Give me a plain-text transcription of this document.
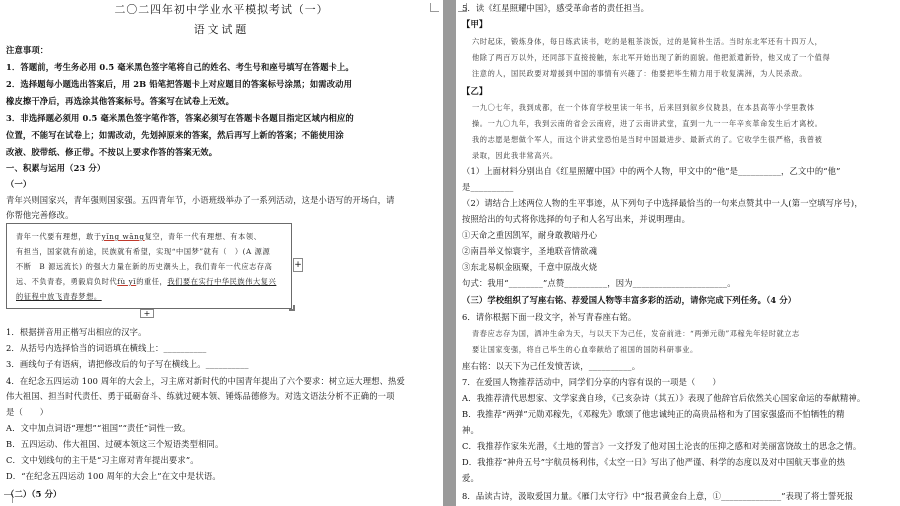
二〇二四年初中学业水平模拟考试（一）
语文试题
注意事项：
1．答题前，考生务必用 0.5 毫米黑色签字笔将自己的姓名、考生号和座号填写在答题卡上。
2．选择题每小题选出答案后，用 2B 铅笔把答题卡上对应题目的答案标号涂黑；如需改动用
橡皮擦干净后，再选涂其他答案标号。答案写在试卷上无效。
3．非选择题必须用 0.5 毫米黑色签字笔作答，答案必须写在答题卡各题目指定区域内相应的
位置，不能写在试卷上；如需改动，先划掉原来的答案，然后再写上新的答案；不能使用涂
改液、胶带纸、修正带。不按以上要求作答的答案无效。
一、积累与运用（23 分）
（一）
青年兴则国家兴，青年强则国家强。五四青年节，小语班级举办了一系列活动，这是小语写的开场白，请
你帮他完善修改。
青年一代要有理想，敢于yǐng wāng复空，青年一代有理想、有本领、
有担当，国家就有前途，民族就有希望，实现“中国梦”就有（　）(A 源源
不断　B 源远流长) 的强大力量在新的历史潮头上，我们青年一代应志存高
远、不负青春，勇毅肩负时代fù yǐ的重任，我们要在实行中华民族伟大复兴
的征程中放飞青春梦想。
+
+
1．根据拼音用正楷写出相应的汉字。
2．从括号内选择恰当的词语填在横线上：__________
3．画线句子有语病，请把修改后的句子写在横线上。__________
4．在纪念五四运动 100 周年的大会上，习主席对新时代的中国青年提出了六个要求：树立远大理想、热爱
伟大祖国、担当时代责任、勇于砥砺奋斗、练就过硬本领、锤炼品德修为。对选文语法分析不正确的一项
是（　　）
A．文中加点词语“理想”“祖国”“责任”词性一致。
B．五四运动、伟大祖国、过硬本领这三个短语类型相同。
C．文中划线句的主干是“习主席对青年提出要求”。
D．“在纪念五四运动 100 周年的大会上”在文中是状语。
（二）（5 分）
5．读《红星照耀中国》，感受革命者的责任担当。
【甲】
六时起床，锻炼身体，每日练武读书，吃的是粗茶淡饭，过的是简朴生活。当时东北军还有十四万人，
他除了两百万以外，还同部下直接接触，东北军开始出现了新的面貌。他把派遣新铃，他又成了一个值得
注意的人，国民政要对增援到中国的事情有兴趣了：他要把毕生精力用于收复满洲，为人民杀敌。
【乙】
一九〇七年，我到成都，在一个体育学校里读一年书，后来回到叙乡仪陇县，在本县高等小学里教体
操。一九〇九年，我到云南的省会云南府，进了云南讲武堂，直到一九一一年辛亥革命发生后才离校。
我的志愿是想做个军人，而这个讲武堂恐怕是当时中国最进步、最新式的了。它收学生很严格，我曾被
录取，因此我非常高兴。
（1）上面材料分别出自《红星照耀中国》中的两个人物，甲文中的“他”是__________，乙文中的“他”
是__________
（2）请结合上述两位人物的生平事迹，从下列句子中选择最恰当的一句来点赞其中一人(第一空填写序号)，
按照给出的句式将你选择的句子和人名写出来，并说明理由。
①天命之重因凯军，耐身敢教暗丹心
②南昌举义惊寰宇，圣地联音情欲魂
③东北易帜金瓯聚，千意中原战火烧
句式：我用“________”点赞__________，因为______________________。
（三）学校组织了写座右铭、荐爱国人物等丰富多彩的活动，请你完成下列任务。（4 分）
6．请你根据下面一段文字，补写青春座右铭。
青春应志存为国，洒冲生命为天，与以天下为己任，发奋前进：“两弹元勋”邓稼先年轻时就立志
要让国家变强，将自己毕生的心血奉献给了祖国的国防科研事业。
座右铭：以天下为己任发愤苦读，__________。
7．在爱国人物推荐活动中，同学们分享的内容有误的一项是（　　）
A．我推荐清代思想家、文学家龚自珍，《己亥杂诗（其五）》表现了他辞官后依然关心国家命运的奉献精神。
B．我推荐“两弹”元勋邓稼先，《邓稼先》歌颂了他忠诚纯正的高贵品格和为了国家强盛而不怕牺牲的精
神。
C．我推荐作家朱光潜，《土地的誓言》一文抒发了他对国土沦丧的压抑之感和对美丽富饶故土的思念之情。
D．我推荐“神舟五号”宇航员杨利伟，《太空一日》写出了他严谨、科学的态度以及对中国航天事业的热
爱。
8．品读古诗，汲取爱国力量。《雁门太守行》中“报君黄金台上意，①______________”表现了将士誓死报
